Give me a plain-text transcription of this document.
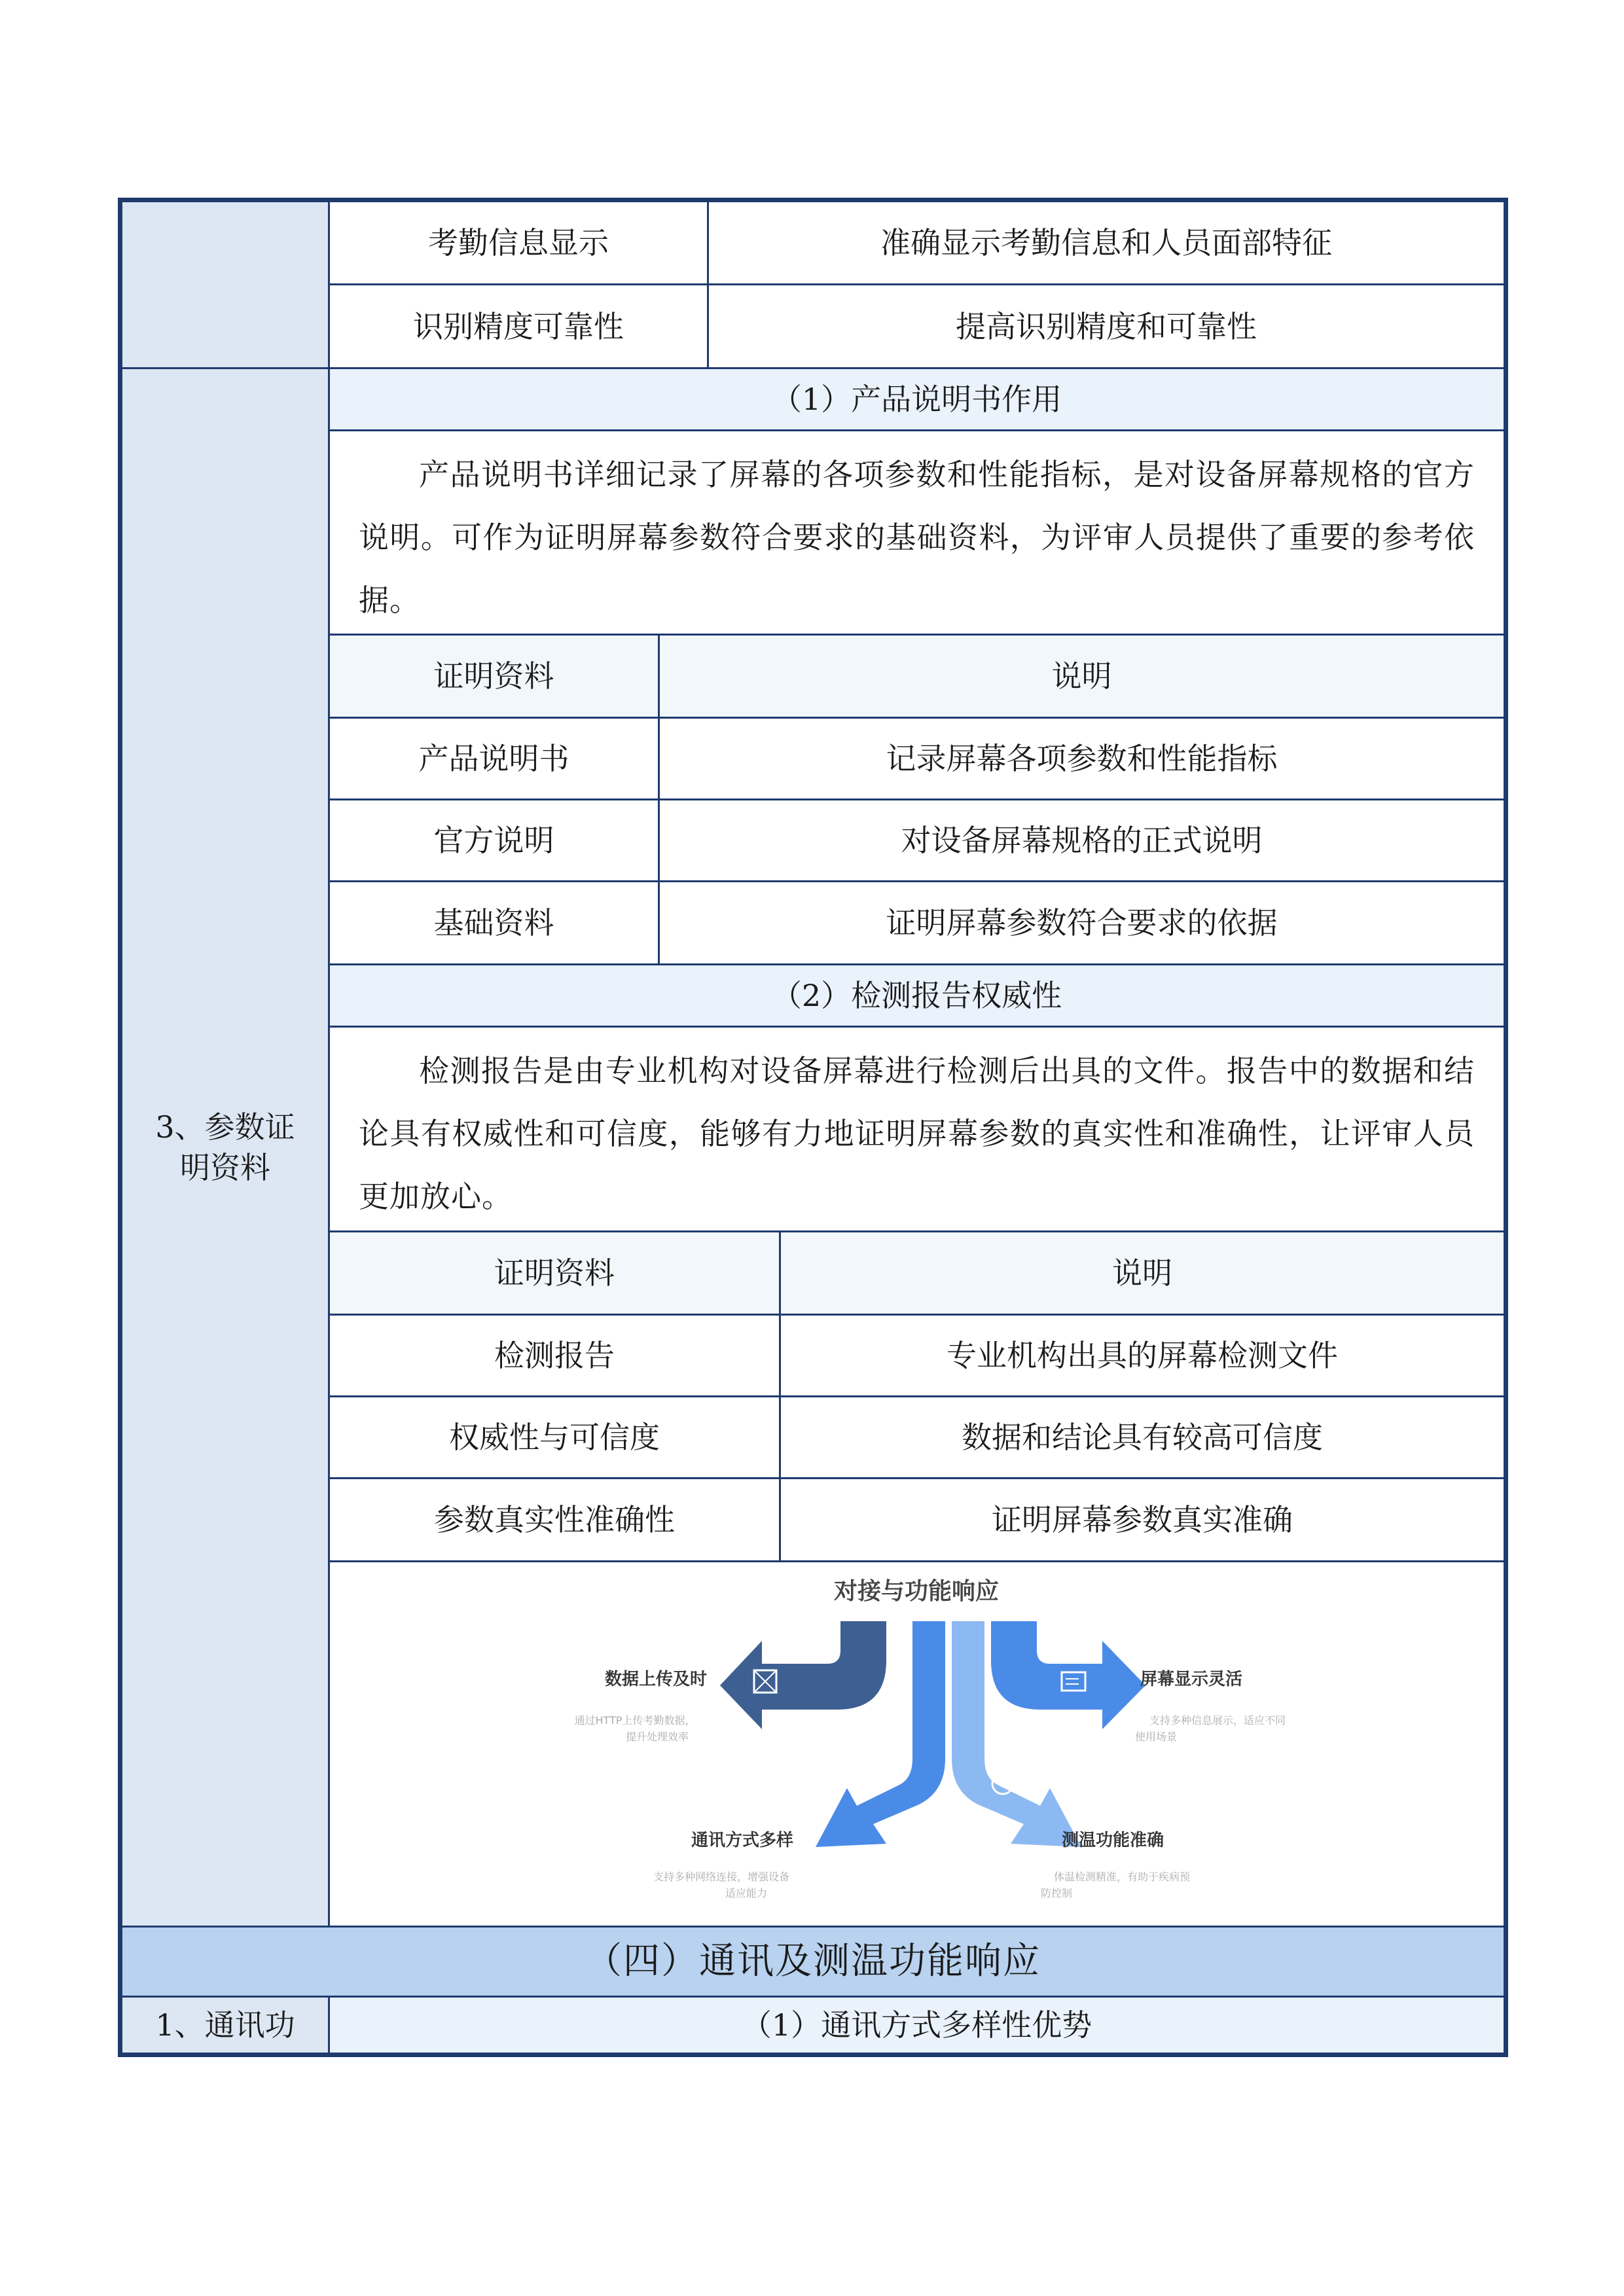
3、参数证明资料
考勤信息显示	准确显示考勤信息和人员面部特征
识别精度可靠性	提高识别精度和可靠性
（1）产品说明书作用
产品说明书详细记录了屏幕的各项参数和性能指标，是对设备屏幕规格的官方说明。可作为证明屏幕参数符合要求的基础资料，为评审人员提供了重要的参考依据。
证明资料	说明
产品说明书	记录屏幕各项参数和性能指标
官方说明	对设备屏幕规格的正式说明
基础资料	证明屏幕参数符合要求的依据
（2）检测报告权威性
检测报告是由专业机构对设备屏幕进行检测后出具的文件。报告中的数据和结论具有权威性和可信度，能够有力地证明屏幕参数的真实性和准确性，让评审人员更加放心。
证明资料	说明
检测报告	专业机构出具的屏幕检测文件
权威性与可信度	数据和结论具有较高可信度
参数真实性准确性	证明屏幕参数真实准确
对接与功能响应
数据上传及时
通过HTTP上传考勤数据，
提升处理效率
屏幕显示灵活
支持多种信息展示，适应不同
使用场景
通讯方式多样
支持多种网络连接，增强设备
适应能力
测温功能准确
体温检测精准，有助于疾病预
防控制
（四）通讯及测温功能响应
1、通讯功	（1）通讯方式多样性优势
